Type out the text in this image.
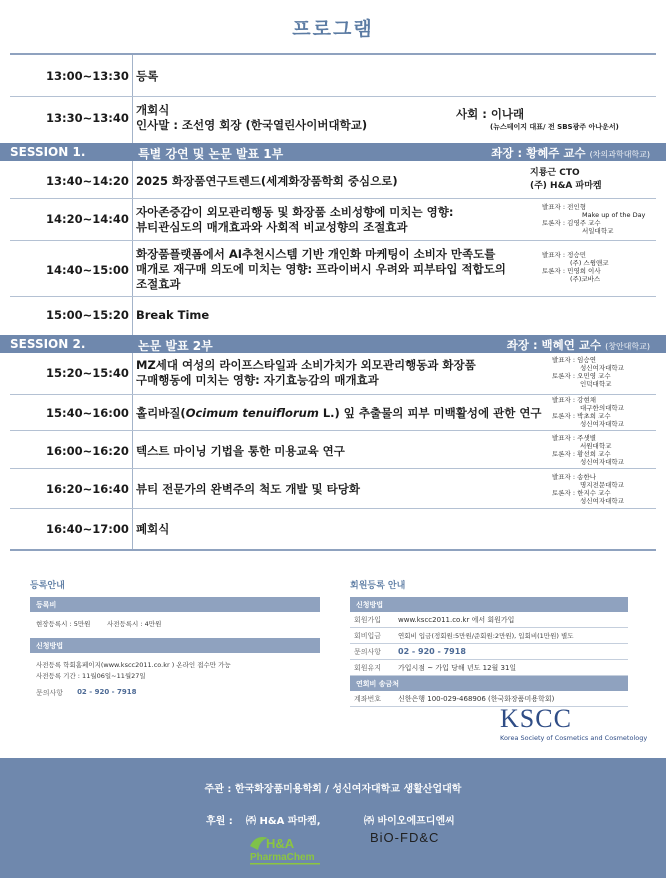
프로그램
13:00~13:30 등록
13:30~13:40
개회식
인사말 : 조선영 회장 (한국열린사이버대학교)
사회 : 이나래
(뉴스테이지 대표/ 전 SBS광주 아나운서)
SESSION 1.	특별 강연 및 논문 발표 1부	좌장 : 황혜주 교수 (차의과학대학교)
13:40~14:20 2025 화장품연구트렌드(세계화장품학회 중심으로)
지룡근 CTO
(주) H&A 파마켐
14:20~14:40 자아존중감이 외모관리행동 및 화장품 소비성향에 미치는 영향:
뷰티관심도의 매개효과와 사회적 비교성향의 조절효과
발표자 : 전인형
Make up of the Day
토론자 : 김영주 교수
서일대학교
14:40~15:00
화장품플랫폼에서 AI추천시스템 기반 개인화 마케팅이 소비자 만족도를
매개로 재구매 의도에 미치는 영향: 프라이버시 우려와 피부타입 적합도의
조절효과
발표자 : 정승민
(주) 스윙앤코
토론자 : 민영희 이사
(주)코바스
15:00~15:20 Break Time
SESSION 2.	논문 발표 2부	좌장 : 백혜연 교수 (창안대학교)
15:20~15:40
MZ세대 여성의 라이프스타일과 소비가치가 외모관리행동과 화장품
구매행동에 미치는 영향: 자기효능감의 매개효과
발표자 : 임승연
성신여자대학교
토론자 : 오민영 교수
인덕대학교
15:40~16:00 홀리바질(Ocimum tenuiflorum L.) 잎 추출물의 피부 미백활성에 관한 연구
발표자 : 강현채
대구한의대학교
토론자 : 박초희 교수
성신여자대학교
16:00~16:20 텍스트 마이닝 기법을 통한 미용교육 연구
발표자 : 주샛별
서원대학교
토론자 : 황선희 교수
성신여자대학교
16:20~16:40 뷰티 전문가의 완벽주의 척도 개발 및 타당화
발표자 : 송한나
명지전문대학교
토론자 : 한지수 교수
성신여자대학교
16:40~17:00 폐회식
등록안내
등록비
현장등록시 : 5만원        사전등록시 : 4만원
신청방법
사전등록 학회홈페이지(www.kscc2011.co.kr ) 온라인 접수만 가능
사전등록 기간 : 11월06일~11월27일
문의사항 02 - 920 - 7918
회원등록 안내
신청방법
회원가입	www.kscc2011.co.kr 에서 회원가입
회비입금	연회비 입금(정회원:5만원/준회원:2만원), 입회비(1만원) 별도
문의사항	02 - 920 - 7918
회원유지	가입시점 ~ 가입 당해 년도 12월 31일
연회비 송금처
계좌번호	신한은행 100-029-468906 (한국화장품미용학회)
KSCC
Korea Society of Cosmetics and Cosmetology
주관 : 한국화장품미용학회 / 성신여자대학교 생활산업대학
후원 : ㈜ H&A 파마켐,	㈜ 바이오에프디엔씨
H&A
PharmaChem
BiO-FD&C
